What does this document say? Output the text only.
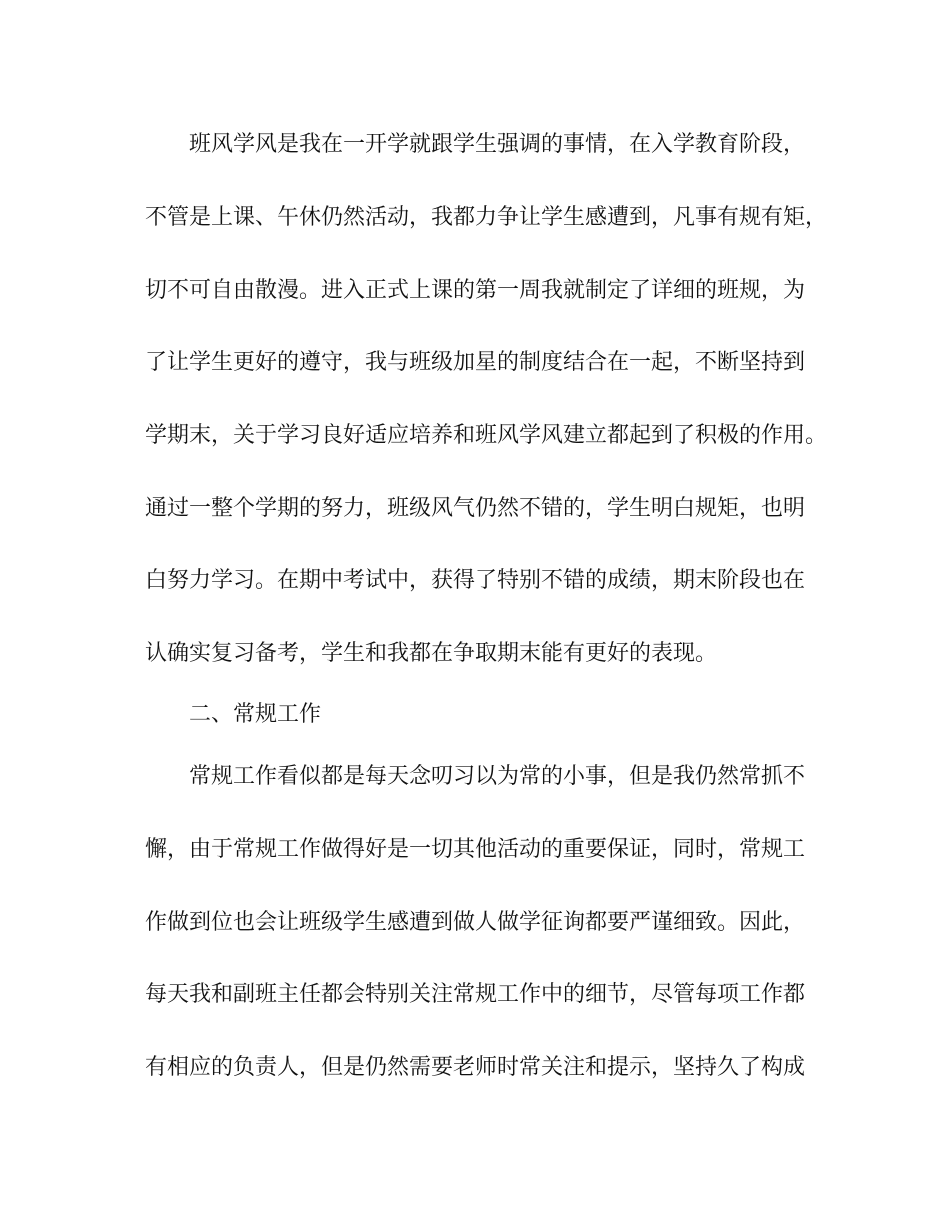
班风学风是我在一开学就跟学生强调的事情，在入学教育阶段，

不管是上课、午休仍然活动，我都力争让学生感遭到，凡事有规有矩，

切不可自由散漫。进入正式上课的第一周我就制定了详细的班规，为

了让学生更好的遵守，我与班级加星的制度结合在一起，不断坚持到

学期末，关于学习良好适应培养和班风学风建立都起到了积极的作用。

通过一整个学期的努力，班级风气仍然不错的，学生明白规矩，也明

白努力学习。在期中考试中，获得了特别不错的成绩，期末阶段也在

认确实复习备考，学生和我都在争取期末能有更好的表现。

二、常规工作

常规工作看似都是每天念叨习以为常的小事，但是我仍然常抓不

懈，由于常规工作做得好是一切其他活动的重要保证，同时，常规工

作做到位也会让班级学生感遭到做人做学征询都要严谨细致。因此，

每天我和副班主任都会特别关注常规工作中的细节，尽管每项工作都

有相应的负责人，但是仍然需要老师时常关注和提示，坚持久了构成
